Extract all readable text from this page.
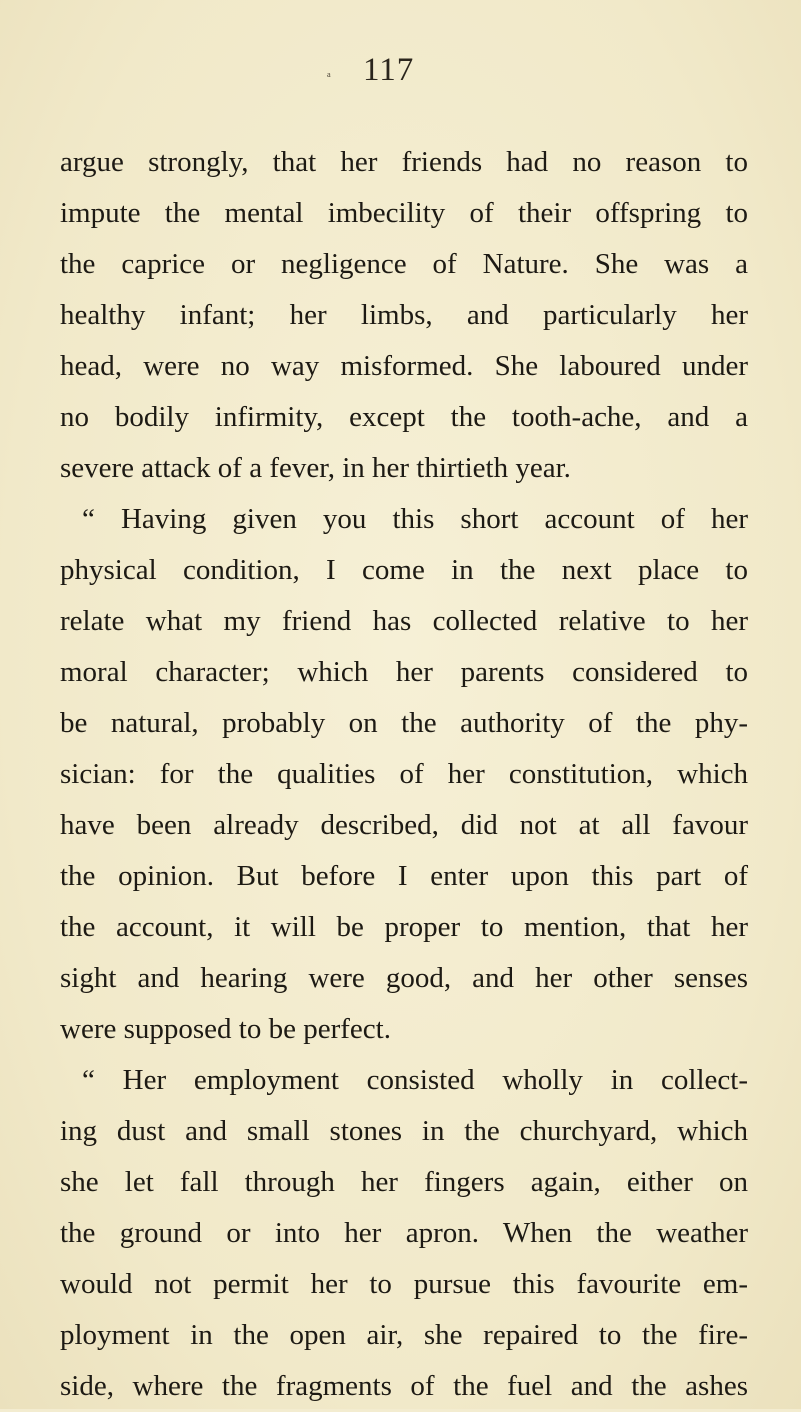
ᵃ 117
argue strongly, that her friends had no reason to
impute the mental imbecility of their offspring to
the caprice or negligence of Nature. She was a
healthy infant; her limbs, and particularly her
head, were no way misformed. She laboured under
no bodily infirmity, except the tooth-ache, and a
severe attack of a fever, in her thirtieth year.
“ Having given you this short account of her
physical condition, I come in the next place to
relate what my friend has collected relative to her
moral character; which her parents considered to
be natural, probably on the authority of the phy-
sician: for the qualities of her constitution, which
have been already described, did not at all favour
the opinion. But before I enter upon this part of
the account, it will be proper to mention, that her
sight and hearing were good, and her other senses
were supposed to be perfect.
“ Her employment consisted wholly in collect-
ing dust and small stones in the churchyard, which
she let fall through her fingers again, either on
the ground or into her apron. When the weather
would not permit her to pursue this favourite em-
ployment in the open air, she repaired to the fire-
side, where the fragments of the fuel and the ashes
